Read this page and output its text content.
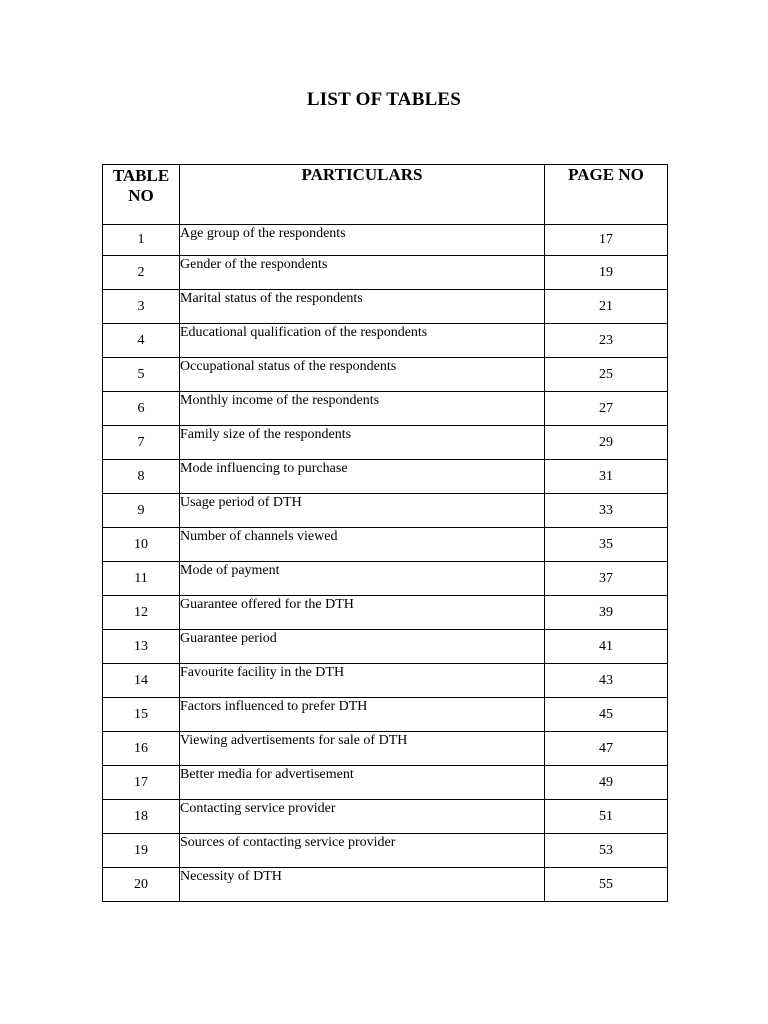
LIST OF TABLES
TABLE NO	PARTICULARS	PAGE NO
1	Age group of the respondents	17
2	Gender of the respondents	19
3	Marital status of the respondents	21
4	Educational qualification of the respondents	23
5	Occupational status of the respondents	25
6	Monthly income of the respondents	27
7	Family size of the respondents	29
8	Mode influencing to purchase	31
9	Usage period of DTH	33
10	Number of channels viewed	35
11	Mode of payment	37
12	Guarantee offered for the DTH	39
13	Guarantee period	41
14	Favourite facility in the DTH	43
15	Factors influenced to prefer DTH	45
16	Viewing advertisements for sale of DTH	47
17	Better media for advertisement	49
18	Contacting service provider	51
19	Sources of contacting service provider	53
20	Necessity of DTH	55
